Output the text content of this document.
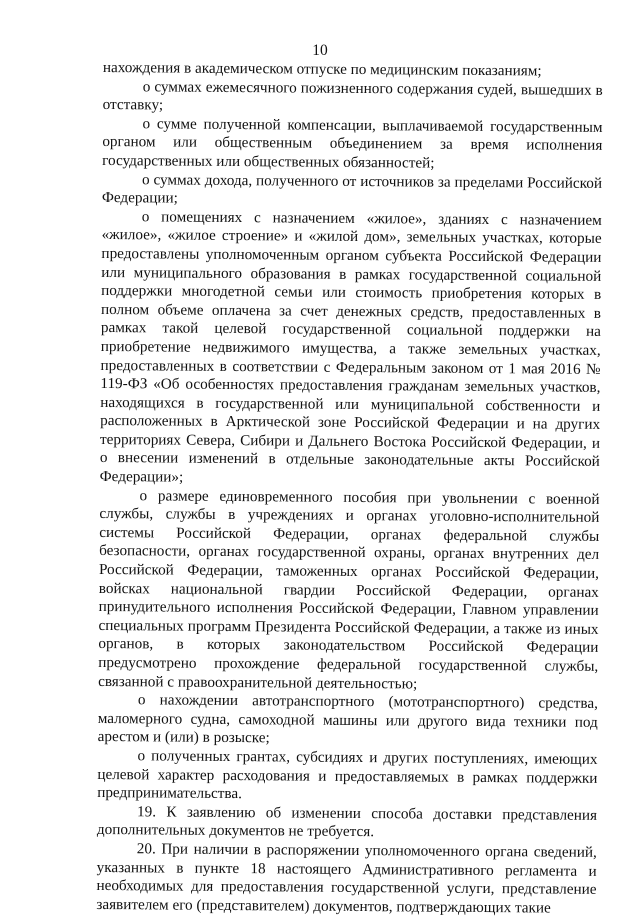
10

нахождения в академическом отпуске по медицинским показаниям;

о суммах ежемесячного пожизненного содержания судей, вышедших в отставку;

о сумме полученной компенсации, выплачиваемой государственным органом или общественным объединением за время исполнения государственных или общественных обязанностей;

о суммах дохода, полученного от источников за пределами Российской Федерации;

о помещениях с назначением «жилое», зданиях с назначением «жилое», «жилое строение» и «жилой дом», земельных участках, которые предоставлены уполномоченным органом субъекта Российской Федерации или муниципального образования в рамках государственной социальной поддержки многодетной семьи или стоимость приобретения которых в полном объеме оплачена за счет денежных средств, предоставленных в рамках такой целевой государственной социальной поддержки на приобретение недвижимого имущества, а также земельных участках, предоставленных в соответствии с Федеральным законом от 1 мая 2016 № 119-ФЗ «Об особенностях предоставления гражданам земельных участков, находящихся в государственной или муниципальной собственности и расположенных в Арктической зоне Российской Федерации и на других территориях Севера, Сибири и Дальнего Востока Российской Федерации, и о внесении изменений в отдельные законодательные акты Российской Федерации»;

о размере единовременного пособия при увольнении с военной службы, службы в учреждениях и органах уголовно-исполнительной системы Российской Федерации, органах федеральной службы безопасности, органах государственной охраны, органах внутренних дел Российской Федерации, таможенных органах Российской Федерации, войсках национальной гвардии Российской Федерации, органах принудительного исполнения Российской Федерации, Главном управлении специальных программ Президента Российской Федерации, а также из иных органов, в которых законодательством Российской Федерации предусмотрено прохождение федеральной государственной службы, связанной с правоохранительной деятельностью;

о нахождении автотранспортного (мототранспортного) средства, маломерного судна, самоходной машины или другого вида техники под арестом и (или) в розыске;

о полученных грантах, субсидиях и других поступлениях, имеющих целевой характер расходования и предоставляемых в рамках поддержки предпринимательства.

19. К заявлению об изменении способа доставки представления дополнительных документов не требуется.

20. При наличии в распоряжении уполномоченного органа сведений, указанных в пункте 18 настоящего Административного регламента и необходимых для предоставления государственной услуги, представление заявителем его (представителем) документов, подтверждающих такие
